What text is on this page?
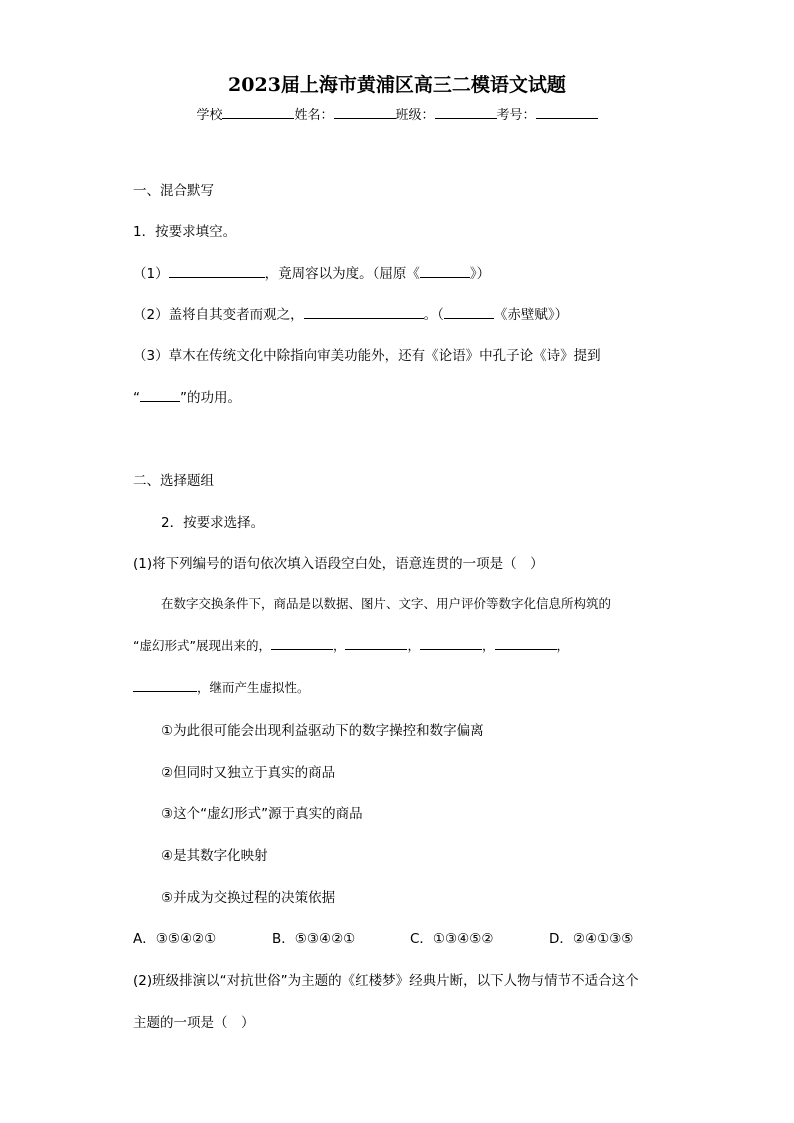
2023届上海市黄浦区高三二模语文试题
学校	姓名：	班级：	考号：
一、混合默写
1．按要求填空。
（1）	，竟周容以为度。（屈原《	》）
（2）盖将自其变者而观之，	。（	《赤壁赋》）
（3）草木在传统文化中除指向审美功能外，还有《论语》中孔子论《诗》提到
“	”的功用。
二、选择题组
2．按要求选择。
(1)将下列编号的语句依次填入语段空白处，语意连贯的一项是（　）
在数字交换条件下，商品是以数据、图片、文字、用户评价等数字化信息所构筑的
“虚幻形式”展现出来的，	，	，	，	，
，继而产生虚拟性。
①为此很可能会出现利益驱动下的数字操控和数字偏离
②但同时又独立于真实的商品
③这个“虚幻形式”源于真实的商品
④是其数字化映射
⑤并成为交换过程的决策依据
A．③⑤④②①	B．⑤③④②①	C．①③④⑤②	D．②④①③⑤
(2)班级排演以“对抗世俗”为主题的《红楼梦》经典片断，以下人物与情节不适合这个
主题的一项是（　）
